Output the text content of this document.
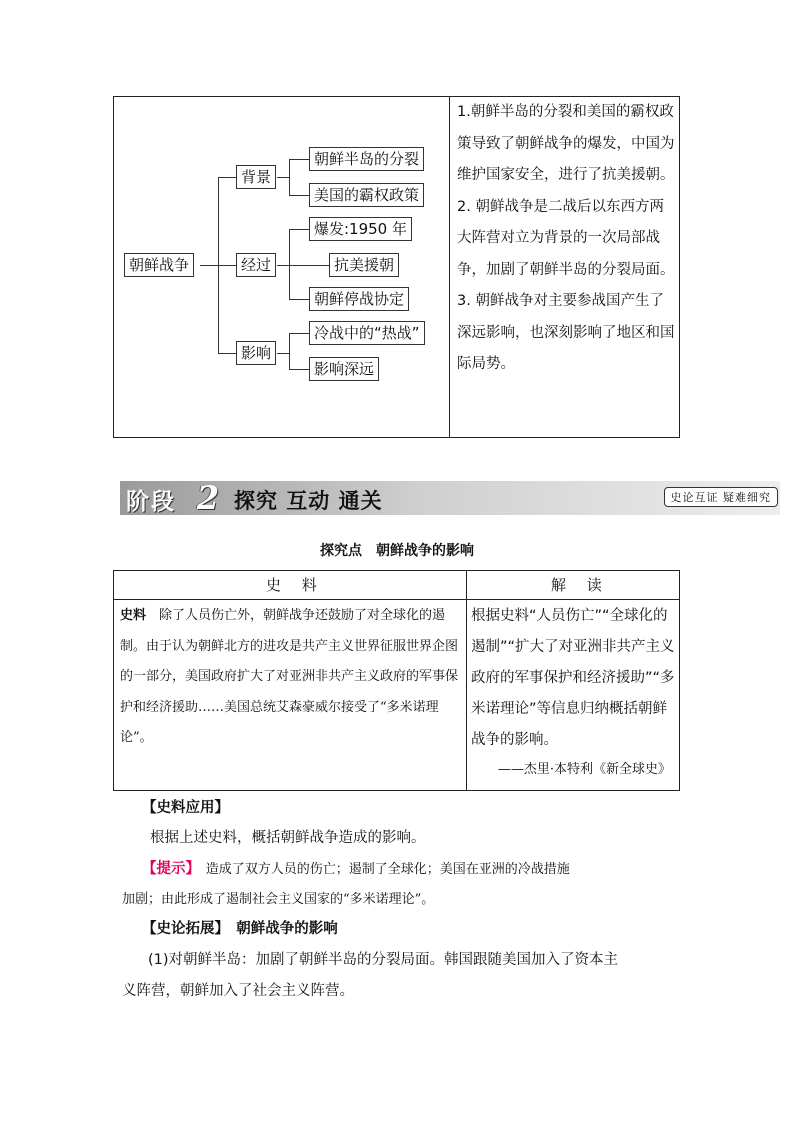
朝鲜战争
背景
经过
影响
朝鲜半岛的分裂
美国的霸权政策
爆发:1950 年
抗美援朝
朝鲜停战协定
冷战中的“热战”
影响深远

1.朝鲜半岛的分裂和美国的霸权政策导致了朝鲜战争的爆发，中国为维护国家安全，进行了抗美援朝。

2. 朝鲜战争是二战后以东西方两大阵营对立为背景的一次局部战争，加剧了朝鲜半岛的分裂局面。

3. 朝鲜战争对主要参战国产生了深远影响，也深刻影响了地区和国际局势。

阶段 2 探究 互动 通关	史论互证 疑难细究
探究点　朝鲜战争的影响
史 料	解 读

史料　除了人员伤亡外，朝鲜战争还鼓励了对全球化的遏制。由于认为朝鲜北方的进攻是共产主义世界征服世界企图的一部分，美国政府扩大了对亚洲非共产主义政府的军事保护和经济援助……美国总统艾森豪威尔接受了“多米诺理论”。

——杰里·本特利《新全球史》
根据史料“人员伤亡”“全球化的遏制”“扩大了对亚洲非共产主义政府的军事保护和经济援助”“多米诺理论”等信息归纳概括朝鲜战争的影响。
【史料应用】
根据上述史料，概括朝鲜战争造成的影响。
【提示】　造成了双方人员的伤亡；遏制了全球化；美国在亚洲的冷战措施
加剧；由此形成了遏制社会主义国家的“多米诺理论”。
【史论拓展】　朝鲜战争的影响
(1)对朝鲜半岛：加剧了朝鲜半岛的分裂局面。韩国跟随美国加入了资本主
义阵营，朝鲜加入了社会主义阵营。
